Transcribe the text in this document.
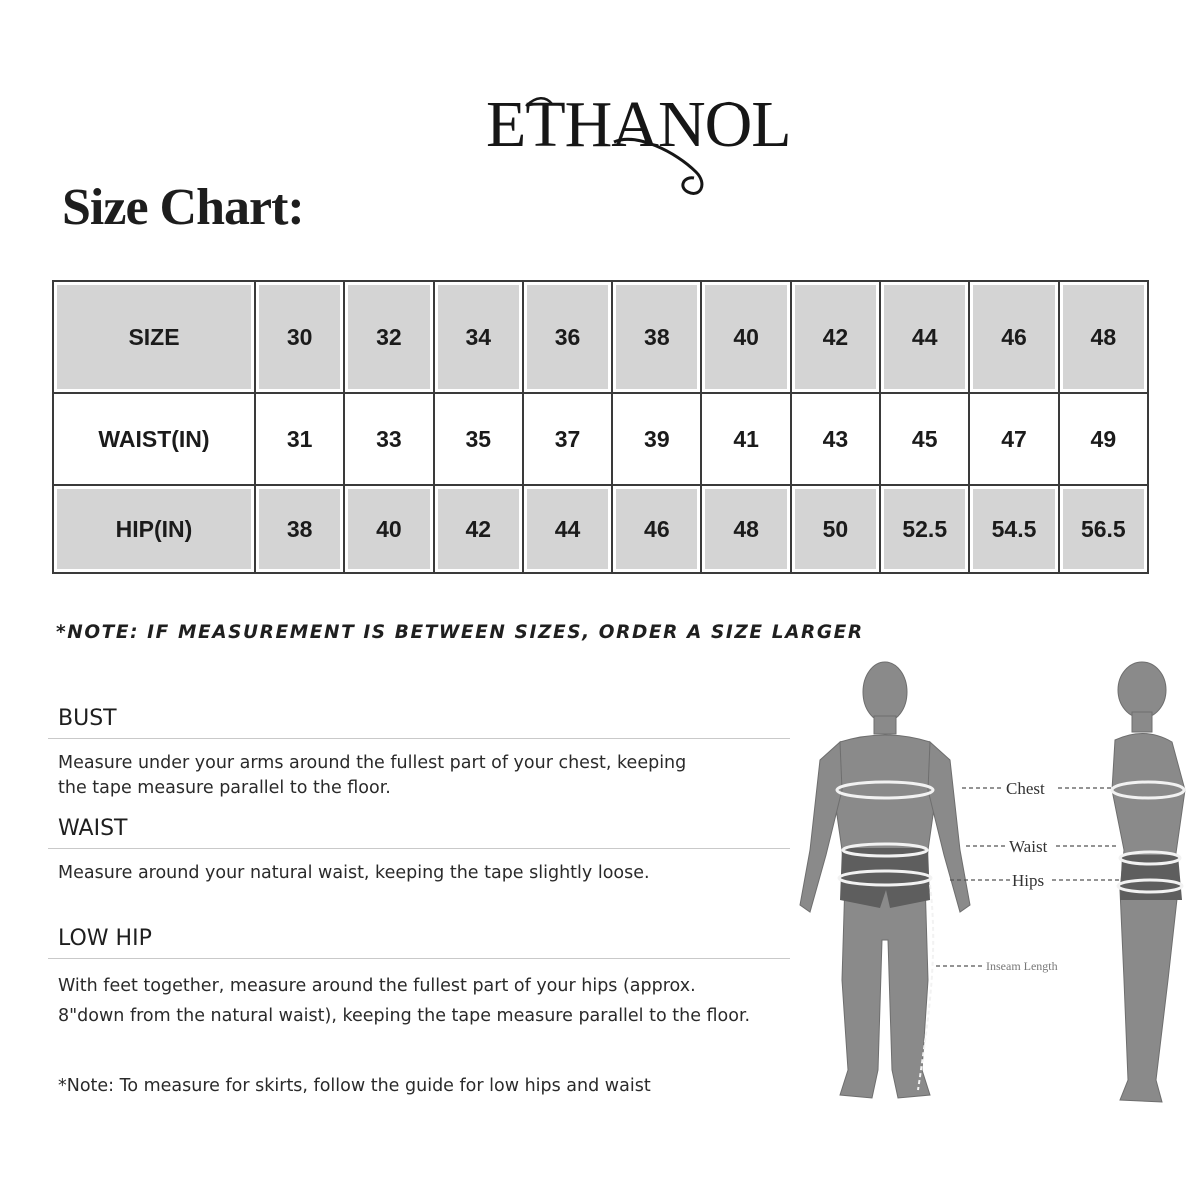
ETHANOL
Size Chart:
SIZE	30	32	34	36	38	40	42	44	46	48
WAIST(IN)	31	33	35	37	39	41	43	45	47	49
HIP(IN)	38	40	42	44	46	48	50	52.5	54.5	56.5

*NOTE: IF MEASUREMENT IS BETWEEN SIZES, ORDER A SIZE LARGER

BUST

Measure under your arms around the fullest part of your chest, keeping
the tape measure parallel to the floor.

WAIST

Measure around your natural waist, keeping the tape slightly loose.

LOW HIP

With feet together, measure around the fullest part of your hips (approx.
8"down from the natural waist), keeping the tape measure parallel to the floor.

*Note: To measure for skirts, follow the guide for low hips and waist

Chest
Waist
Hips
Inseam Length
